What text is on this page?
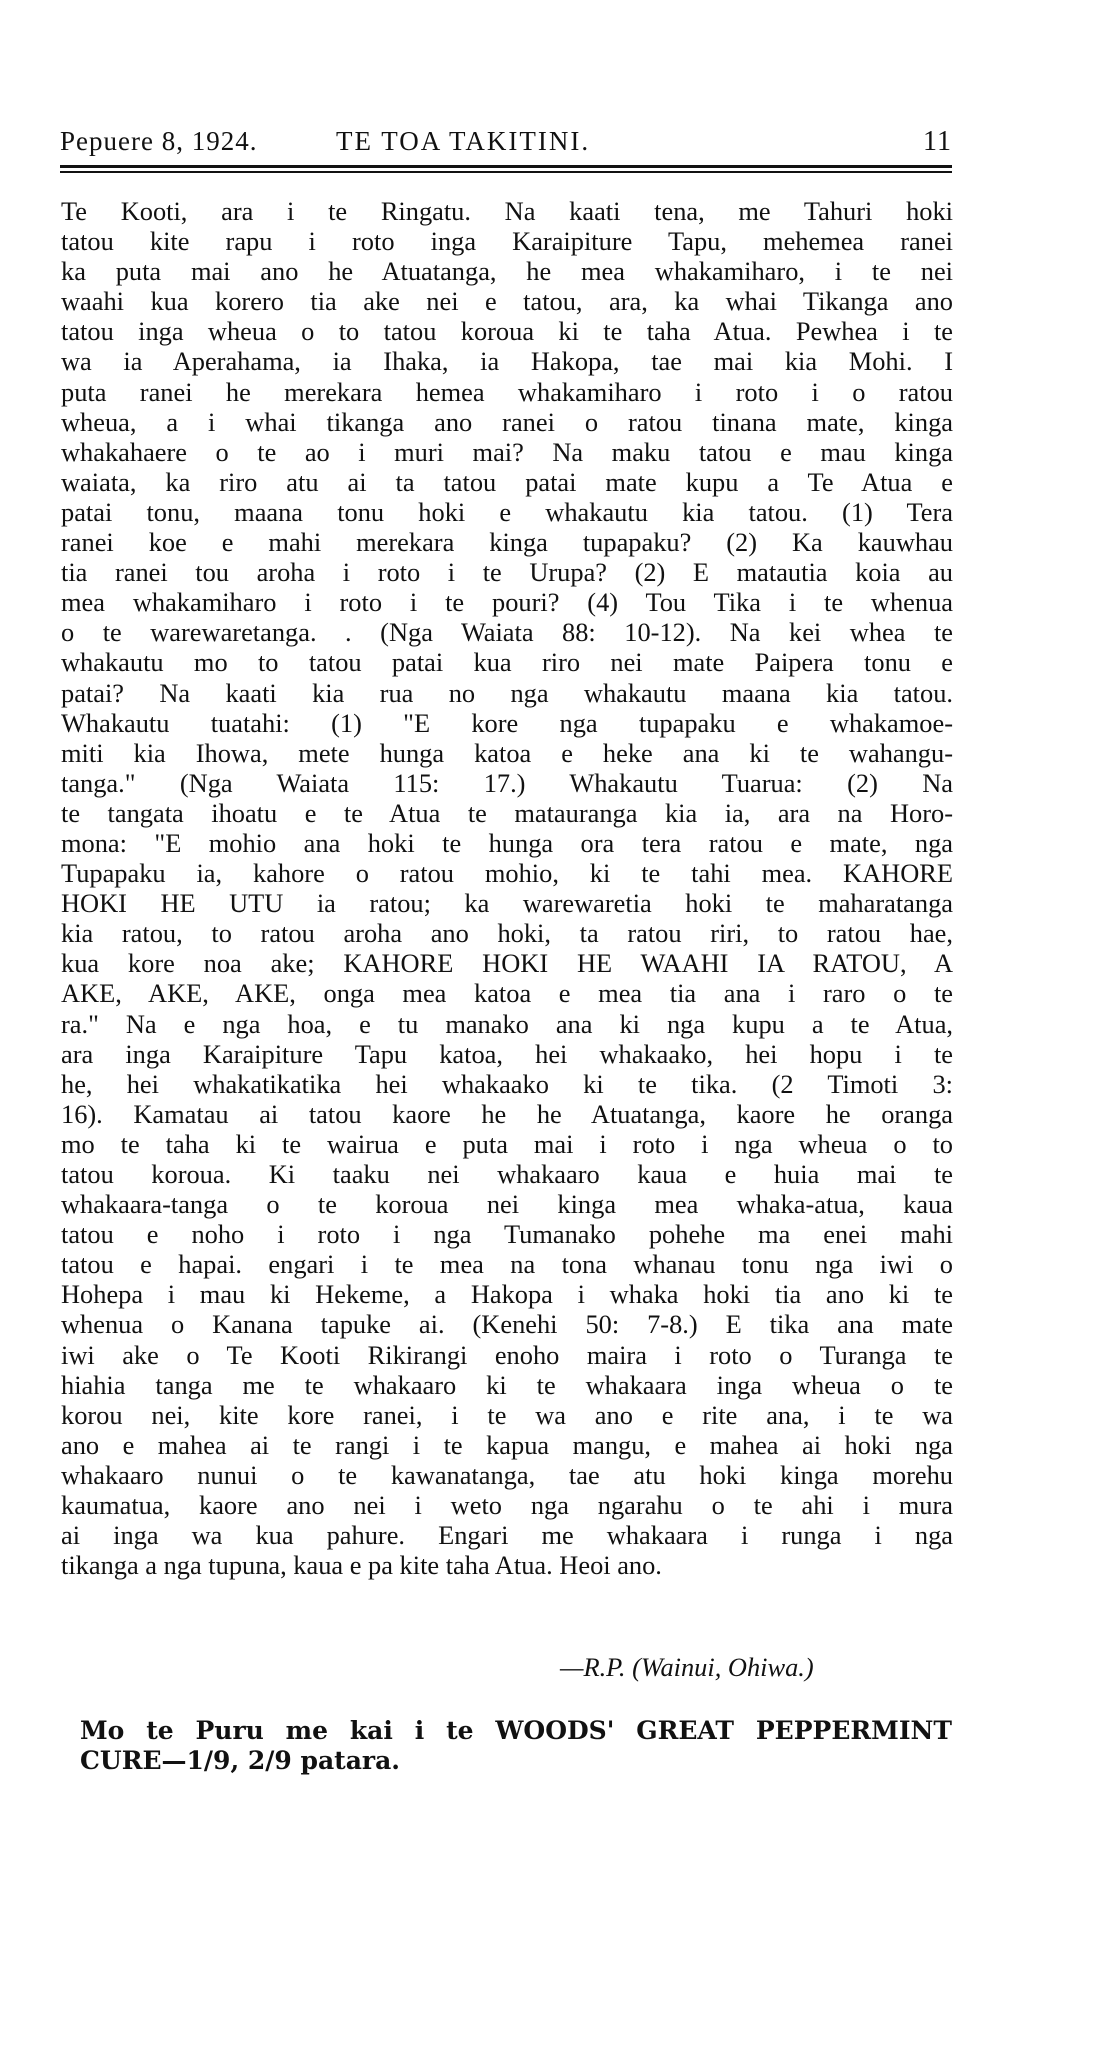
Pepuere 8, 1924.	TE TOA TAKITINI.	11
Te Kooti, ara i te Ringatu. Na kaati tena, me Tahuri hoki
tatou kite rapu i roto inga Karaipiture Tapu, mehemea ranei
ka puta mai ano he Atuatanga, he mea whakamiharo, i te nei
waahi kua korero tia ake nei e tatou, ara, ka whai Tikanga ano
tatou inga wheua o to tatou koroua ki te taha Atua. Pewhea i te
wa ia Aperahama, ia Ihaka, ia Hakopa, tae mai kia Mohi. I
puta ranei he merekara hemea whakamiharo i roto i o ratou
wheua, a i whai tikanga ano ranei o ratou tinana mate, kinga
whakahaere o te ao i muri mai? Na maku tatou e mau kinga
waiata, ka riro atu ai ta tatou patai mate kupu a Te Atua e
patai tonu, maana tonu hoki e whakautu kia tatou. (1) Tera
ranei koe e mahi merekara kinga tupapaku? (2) Ka kauwhau
tia ranei tou aroha i roto i te Urupa? (2) E matautia koia au
mea whakamiharo i roto i te pouri? (4) Tou Tika i te whenua
o te warewaretanga. . (Nga Waiata 88: 10-12). Na kei whea te
whakautu mo to tatou patai kua riro nei mate Paipera tonu e
patai? Na kaati kia rua no nga whakautu maana kia tatou.
Whakautu tuatahi: (1) "E kore nga tupapaku e whakamoe-
miti kia Ihowa, mete hunga katoa e heke ana ki te wahangu-
tanga." (Nga Waiata 115: 17.) Whakautu Tuarua: (2) Na
te tangata ihoatu e te Atua te matauranga kia ia, ara na Horo-
mona: "E mohio ana hoki te hunga ora tera ratou e mate, nga
Tupapaku ia, kahore o ratou mohio, ki te tahi mea. KAHORE
HOKI HE UTU ia ratou; ka warewaretia hoki te maharatanga
kia ratou, to ratou aroha ano hoki, ta ratou riri, to ratou hae,
kua kore noa ake; KAHORE HOKI HE WAAHI IA RATOU, A
AKE, AKE, AKE, onga mea katoa e mea tia ana i raro o te
ra." Na e nga hoa, e tu manako ana ki nga kupu a te Atua,
ara inga Karaipiture Tapu katoa, hei whakaako, hei hopu i te
he, hei whakatikatika hei whakaako ki te tika. (2 Timoti 3:
16). Kamatau ai tatou kaore he he Atuatanga, kaore he oranga
mo te taha ki te wairua e puta mai i roto i nga wheua o to
tatou koroua. Ki taaku nei whakaaro kaua e huia mai te
whakaara-tanga o te koroua nei kinga mea whaka-atua, kaua
tatou e noho i roto i nga Tumanako pohehe ma enei mahi
tatou e hapai. engari i te mea na tona whanau tonu nga iwi o
Hohepa i mau ki Hekeme, a Hakopa i whaka hoki tia ano ki te
whenua o Kanana tapuke ai. (Kenehi 50: 7-8.) E tika ana mate
iwi ake o Te Kooti Rikirangi enoho maira i roto o Turanga te
hiahia tanga me te whakaaro ki te whakaara inga wheua o te
korou nei, kite kore ranei, i te wa ano e rite ana, i te wa
ano e mahea ai te rangi i te kapua mangu, e mahea ai hoki nga
whakaaro nunui o te kawanatanga, tae atu hoki kinga morehu
kaumatua, kaore ano nei i weto nga ngarahu o te ahi i mura
ai inga wa kua pahure. Engari me whakaara i runga i nga
tikanga a nga tupuna, kaua e pa kite taha Atua. Heoi ano.
—R.P. (Wainui, Ohiwa.)
Mo te Puru me kai i te WOODS' GREAT PEPPERMINT
CURE—1/9, 2/9 patara.
